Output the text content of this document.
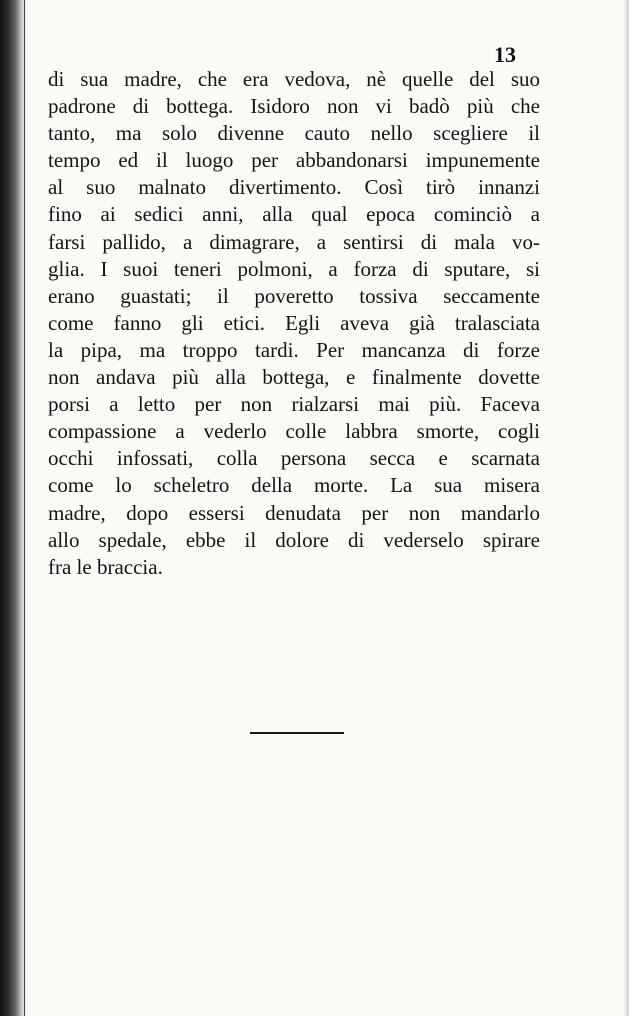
13
di sua madre, che era vedova, nè quelle del suo
padrone di bottega. Isidoro non vi badò più che
tanto, ma solo divenne cauto nello scegliere il
tempo ed il luogo per abbandonarsi impunemente
al suo malnato divertimento. Così tirò innanzi
fino ai sedici anni, alla qual epoca cominciò a
farsi pallido, a dimagrare, a sentirsi di mala vo-
glia. I suoi teneri polmoni, a forza di sputare, si
erano guastati; il poveretto tossiva seccamente
come fanno gli etici. Egli aveva già tralasciata
la pipa, ma troppo tardi. Per mancanza di forze
non andava più alla bottega, e finalmente dovette
porsi a letto per non rialzarsi mai più. Faceva
compassione a vederlo colle labbra smorte, cogli
occhi infossati, colla persona secca e scarnata
come lo scheletro della morte. La sua misera
madre, dopo essersi denudata per non mandarlo
allo spedale, ebbe il dolore di vederselo spirare
fra le braccia.
